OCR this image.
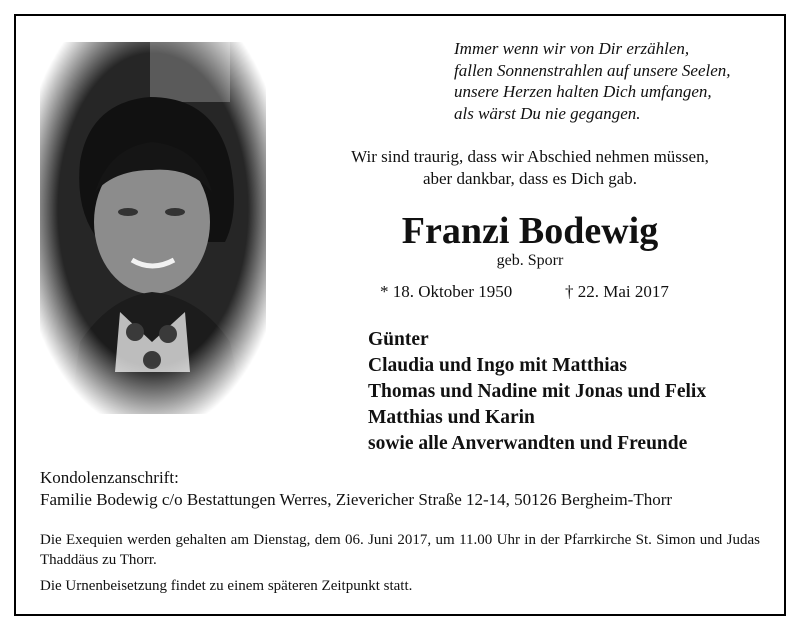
Immer wenn wir von Dir erzählen,
fallen Sonnenstrahlen auf unsere Seelen,
unsere Herzen halten Dich umfangen,
als wärst Du nie gegangen.
Wir sind traurig, dass wir Abschied nehmen müssen,
aber dankbar, dass es Dich gab.
Franzi Bodewig
geb. Sporr
* 18. Oktober 1950	† 22. Mai 2017
Günter
Claudia und Ingo mit Matthias
Thomas und Nadine mit Jonas und Felix
Matthias und Karin
sowie alle Anverwandten und Freunde
Kondolenzanschrift:
Familie Bodewig c/o Bestattungen Werres, Zievericher Straße 12-14, 50126 Bergheim-Thorr
Die Exequien werden gehalten am Dienstag, dem 06. Juni 2017, um 11.00 Uhr in der Pfarrkirche St. Simon und Judas Thaddäus zu Thorr.
Die Urnenbeisetzung findet zu einem späteren Zeitpunkt statt.
